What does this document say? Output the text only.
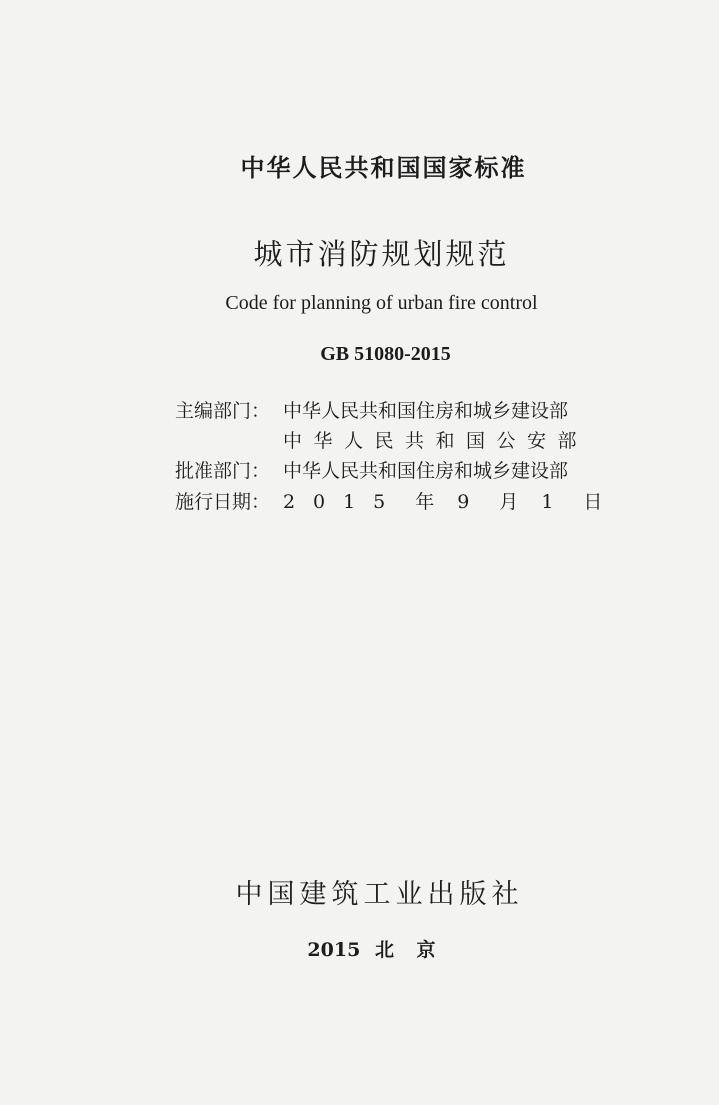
中华人民共和国国家标准
城市消防规划规范
Code for planning of urban fire control
GB 51080-2015
主编部门： 中华人民共和国住房和城乡建设部
中华人民共和国公安部
批准部门： 中华人民共和国住房和城乡建设部
施行日期： 2 0 1 5 年 9 月 1 日
中国建筑工业出版社
2015 北 京
